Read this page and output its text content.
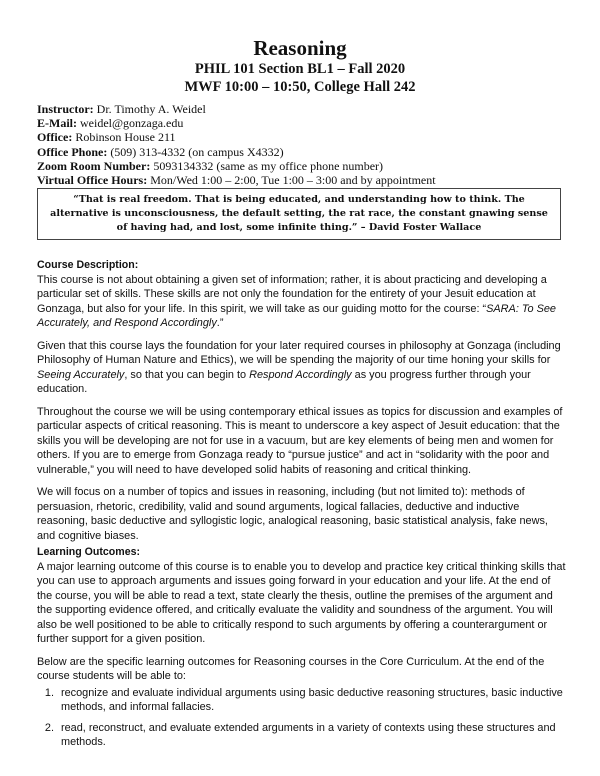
Reasoning
PHIL 101 Section BL1 – Fall 2020
MWF 10:00 – 10:50, College Hall 242
Instructor: Dr. Timothy A. Weidel
E-Mail: weidel@gonzaga.edu
Office: Robinson House 211
Office Phone: (509) 313-4332 (on campus X4332)
Zoom Room Number: 5093134332 (same as my office phone number)
Virtual Office Hours: Mon/Wed 1:00 – 2:00, Tue 1:00 – 3:00 and by appointment
“That is real freedom. That is being educated, and understanding how to think. The alternative is unconsciousness, the default setting, the rat race, the constant gnawing sense of having had, and lost, some infinite thing.” – David Foster Wallace
Course Description:

This course is not about obtaining a given set of information; rather, it is about practicing and developing a particular set of skills. These skills are not only the foundation for the entirety of your Jesuit education at Gonzaga, but also for your life. In this spirit, we will take as our guiding motto for the course: “SARA: To See Accurately, and Respond Accordingly.”

Given that this course lays the foundation for your later required courses in philosophy at Gonzaga (including Philosophy of Human Nature and Ethics), we will be spending the majority of our time honing your skills for Seeing Accurately, so that you can begin to Respond Accordingly as you progress further through your education.

Throughout the course we will be using contemporary ethical issues as topics for discussion and examples of particular aspects of critical reasoning. This is meant to underscore a key aspect of Jesuit education: that the skills you will be developing are not for use in a vacuum, but are key elements of being men and women for others. If you are to emerge from Gonzaga ready to “pursue justice” and act in “solidarity with the poor and vulnerable,” you will need to have developed solid habits of reasoning and critical thinking.

We will focus on a number of topics and issues in reasoning, including (but not limited to): methods of persuasion, rhetoric, credibility, valid and sound arguments, logical fallacies, deductive and inductive reasoning, basic deductive and syllogistic logic, analogical reasoning, basic statistical analysis, fake news, and cognitive biases.

Learning Outcomes:

A major learning outcome of this course is to enable you to develop and practice key critical thinking skills that you can use to approach arguments and issues going forward in your education and your life. At the end of the course, you will be able to read a text, state clearly the thesis, outline the premises of the argument and the supporting evidence offered, and critically evaluate the validity and soundness of the argument. You will also be well positioned to be able to critically respond to such arguments by offering a counterargument or further support for a given position.

Below are the specific learning outcomes for Reasoning courses in the Core Curriculum. At the end of the course students will be able to:

1. recognize and evaluate individual arguments using basic deductive reasoning structures, basic inductive methods, and informal fallacies.
2. read, reconstruct, and evaluate extended arguments in a variety of contexts using these structures and methods.
